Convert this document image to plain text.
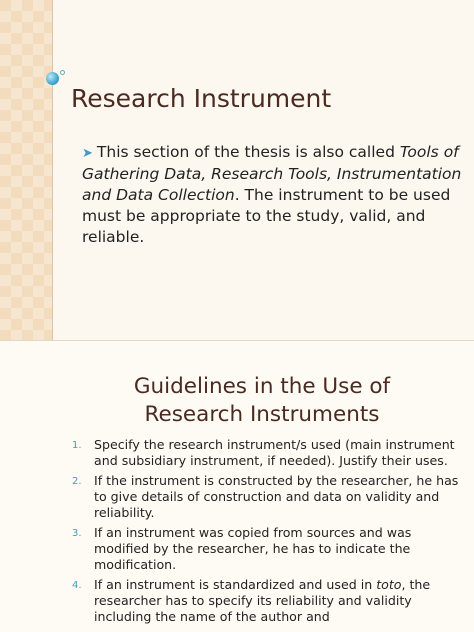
Research Instrument

➤ This section of the thesis is also called Tools of Gathering Data, Research Tools, Instrumentation and Data Collection. The instrument to be used must be appropriate to the study, valid, and reliable.

Guidelines in the Use of
Research Instruments
1. Specify the research instrument/s used (main instrument and subsidiary instrument, if needed). Justify their uses.
2. If the instrument is constructed by the researcher, he has to give details of construction and data on validity and reliability.
3. If an instrument was copied from sources and was modified by the researcher, he has to indicate the modification.
4. If an instrument is standardized and used in toto, the researcher has to specify its reliability and validity including the name of the author and
